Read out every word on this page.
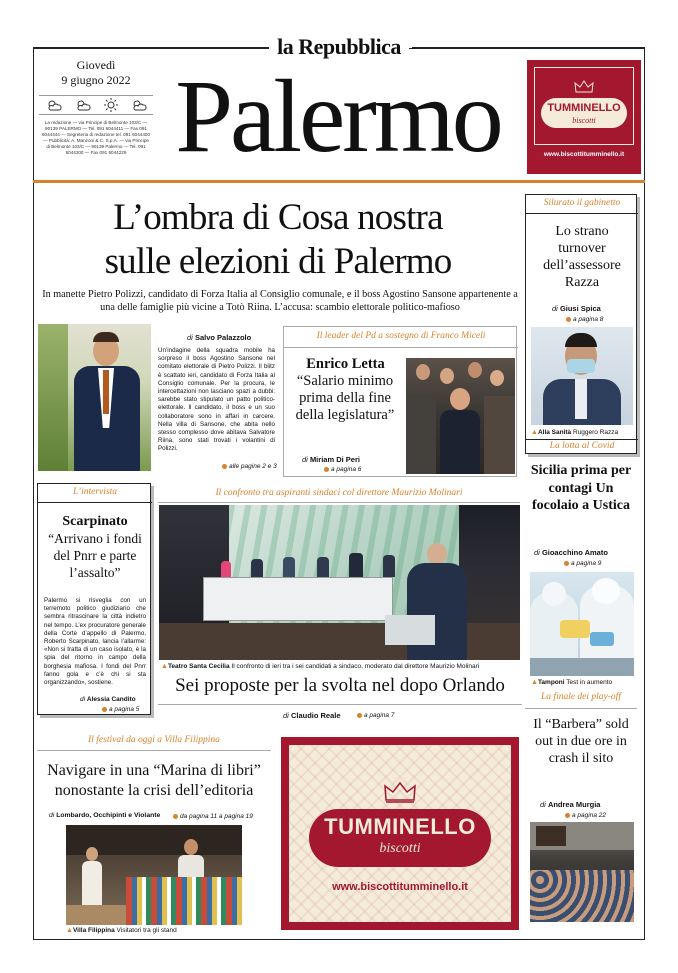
la Repubblica
Giovedì
9 giugno 2022
La redazione — via Principe di Belmonte 103/C — 90139 PALERMO — Tel. 091 6044411 — Fax 091 6044444 — Segreteria di redazione tel. 091 6044400 — Pubblicità: A. Manzoni & C. S.p.A. — via Principe di Belmonte 103/C — 90139 Palermo — Tel. 091 6044200 — Fax 091 6044229 Palermo	TUMMINELLO
biscotti
www.biscottitumminello.it
L’ombra di Cosa nostra
sulle elezioni di Palermo
In manette Pietro Polizzi, candidato di Forza Italia al Consiglio comunale, e il boss Agostino Sansone appartenente a una delle famiglie più vicine a Totò Riina. L’accusa: scambio elettorale politico-mafioso
di Salvo Palazzolo
Un’indagine della squadra mobile ha sorpreso il boss Agostino Sansone nel comitato elettorale di Pietro Polizzi. Il blitz è scattato ieri, candidato di Forza Italia al Consiglio comunale. Per la procura, le intercettazioni non lasciano spazi a dubbi: sarebbe stato stipulato un patto politico-elettorale. Il candidato, il boss e un suo collaboratore sono in affari in carcere. Nella villa di Sansone, che abita nello stesso complesso dove abitava Salvatore Riina, sono stati trovati i volantini di Polizzi.
alle pagine 2 e 3
Il leader del Pd a sostegno di Franco Miceli
Enrico Letta
“Salario minimo prima della fine della legislatura”
di Miriam Di Peri
a pagina 6
Silurato il gabinetto
Lo strano turnover dell’assessore Razza
di Giusi Spica
a pagina 8
▲Alla Sanità Ruggero Razza
La lotta al Covid
Sicilia prima per contagi Un focolaio a Ustica
di Gioacchino Amato
a pagina 9
▲Tamponi Test in aumento
L’intervista
Scarpinato
“Arrivano i fondi del Pnrr e parte l’assalto”
Palermo si risveglia con un terremoto politico giudiziario che sembra ritrascinare la città indietro nel tempo. L’ex procuratore generale della Corte d’appello di Palermo, Roberto Scarpinato, lancia l’allarme: «Non si tratta di un caso isolato, è la spia del ritorno in campo della borghesia mafiosa. I fondi del Pnrr fanno gola e c’è chi si sta organizzando», sostiene.
di Alessia Candito
a pagina 5
Il confronto tra aspiranti sindaci col direttore Maurizio Molinari
▲Teatro Santa Cecilia Il confronto di ieri tra i sei candidati a sindaco, moderato dal direttore Maurizio Molinari
Sei proposte per la svolta nel dopo Orlando
di Claudio Reale	a pagina 7
La finale dei play-off
Il “Barbera” sold out in due ore in crash il sito
di Andrea Murgia
a pagina 22
Il festival da oggi a Villa Filippina
Navigare in una “Marina di libri”
nonostante la crisi dell’editoria
di Lombardo, Occhipinti e Violante	da pagina 11 a pagina 19
▲Villa Filippina Visitatori tra gli stand
TUMMINELLO
biscotti
www.biscottitumminello.it
